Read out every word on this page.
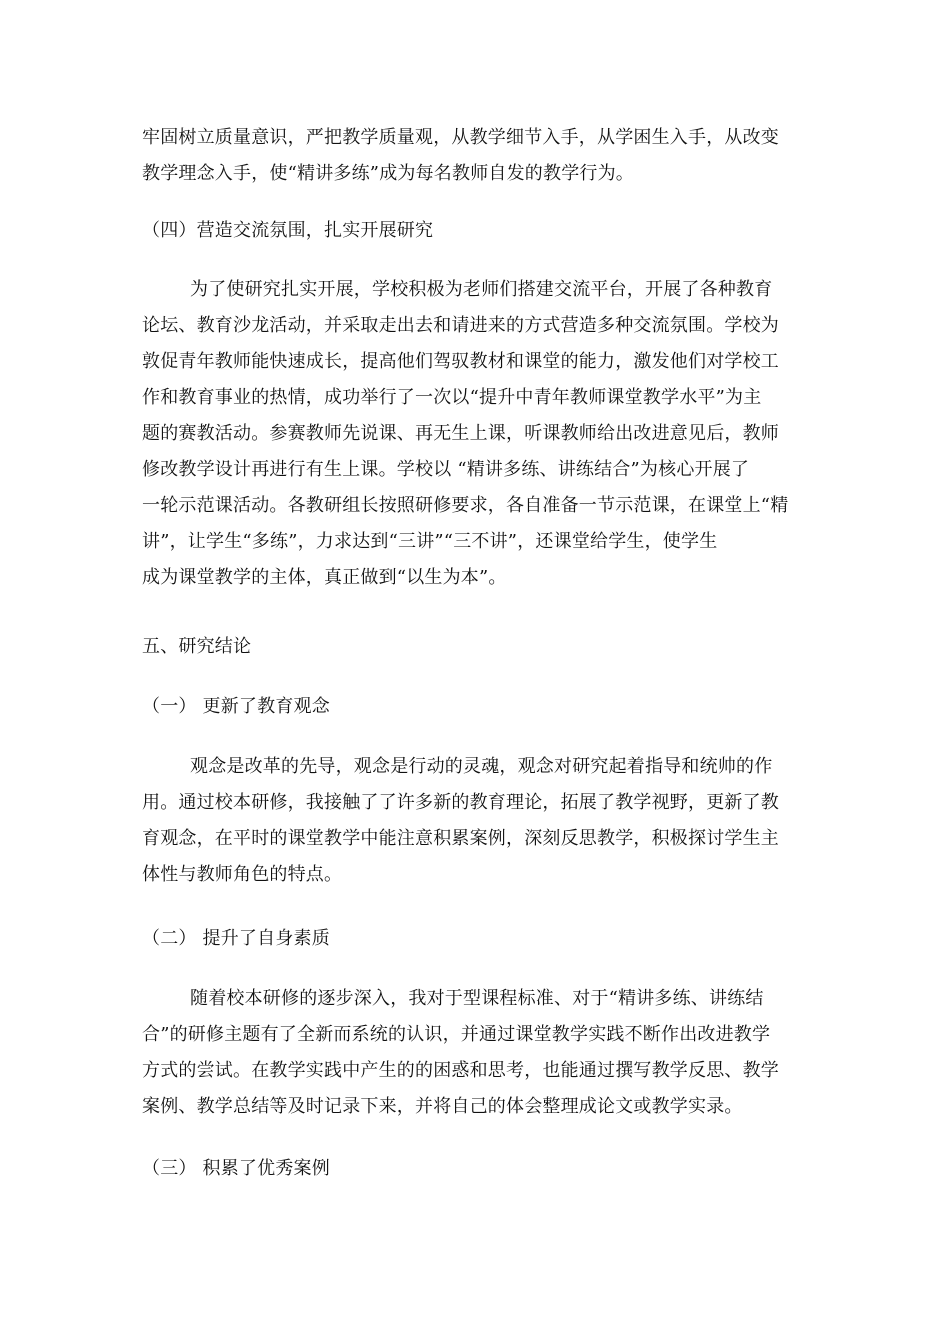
牢固树立质量意识，严把教学质量观，从教学细节入手，从学困生入手，从改变
教学理念入手，使“精讲多练”成为每名教师自发的教学行为。
（四）营造交流氛围，扎实开展研究
为了使研究扎实开展，学校积极为老师们搭建交流平台，开展了各种教育
论坛、教育沙龙活动，并采取走出去和请进来的方式营造多种交流氛围。学校为
敦促青年教师能快速成长，提高他们驾驭教材和课堂的能力，激发他们对学校工
作和教育事业的热情，成功举行了一次以“提升中青年教师课堂教学水平”为主
题的赛教活动。参赛教师先说课、再无生上课，听课教师给出改进意见后，教师
修改教学设计再进行有生上课。学校以 “精讲多练、讲练结合”为核心开展了
一轮示范课活动。各教研组长按照研修要求，各自准备一节示范课，在课堂上“精
讲”，让学生“多练”，力求达到“三讲”“三不讲”，还课堂给学生，使学生
成为课堂教学的主体，真正做到“以生为本”。
五、研究结论
（一） 更新了教育观念
观念是改革的先导，观念是行动的灵魂，观念对研究起着指导和统帅的作
用。通过校本研修，我接触了了许多新的教育理论，拓展了教学视野，更新了教
育观念，在平时的课堂教学中能注意积累案例，深刻反思教学，积极探讨学生主
体性与教师角色的特点。
（二） 提升了自身素质
随着校本研修的逐步深入，我对于型课程标准、对于“精讲多练、讲练结
合”的研修主题有了全新而系统的认识，并通过课堂教学实践不断作出改进教学
方式的尝试。在教学实践中产生的的困惑和思考，也能通过撰写教学反思、教学
案例、教学总结等及时记录下来，并将自己的体会整理成论文或教学实录。
（三） 积累了优秀案例
